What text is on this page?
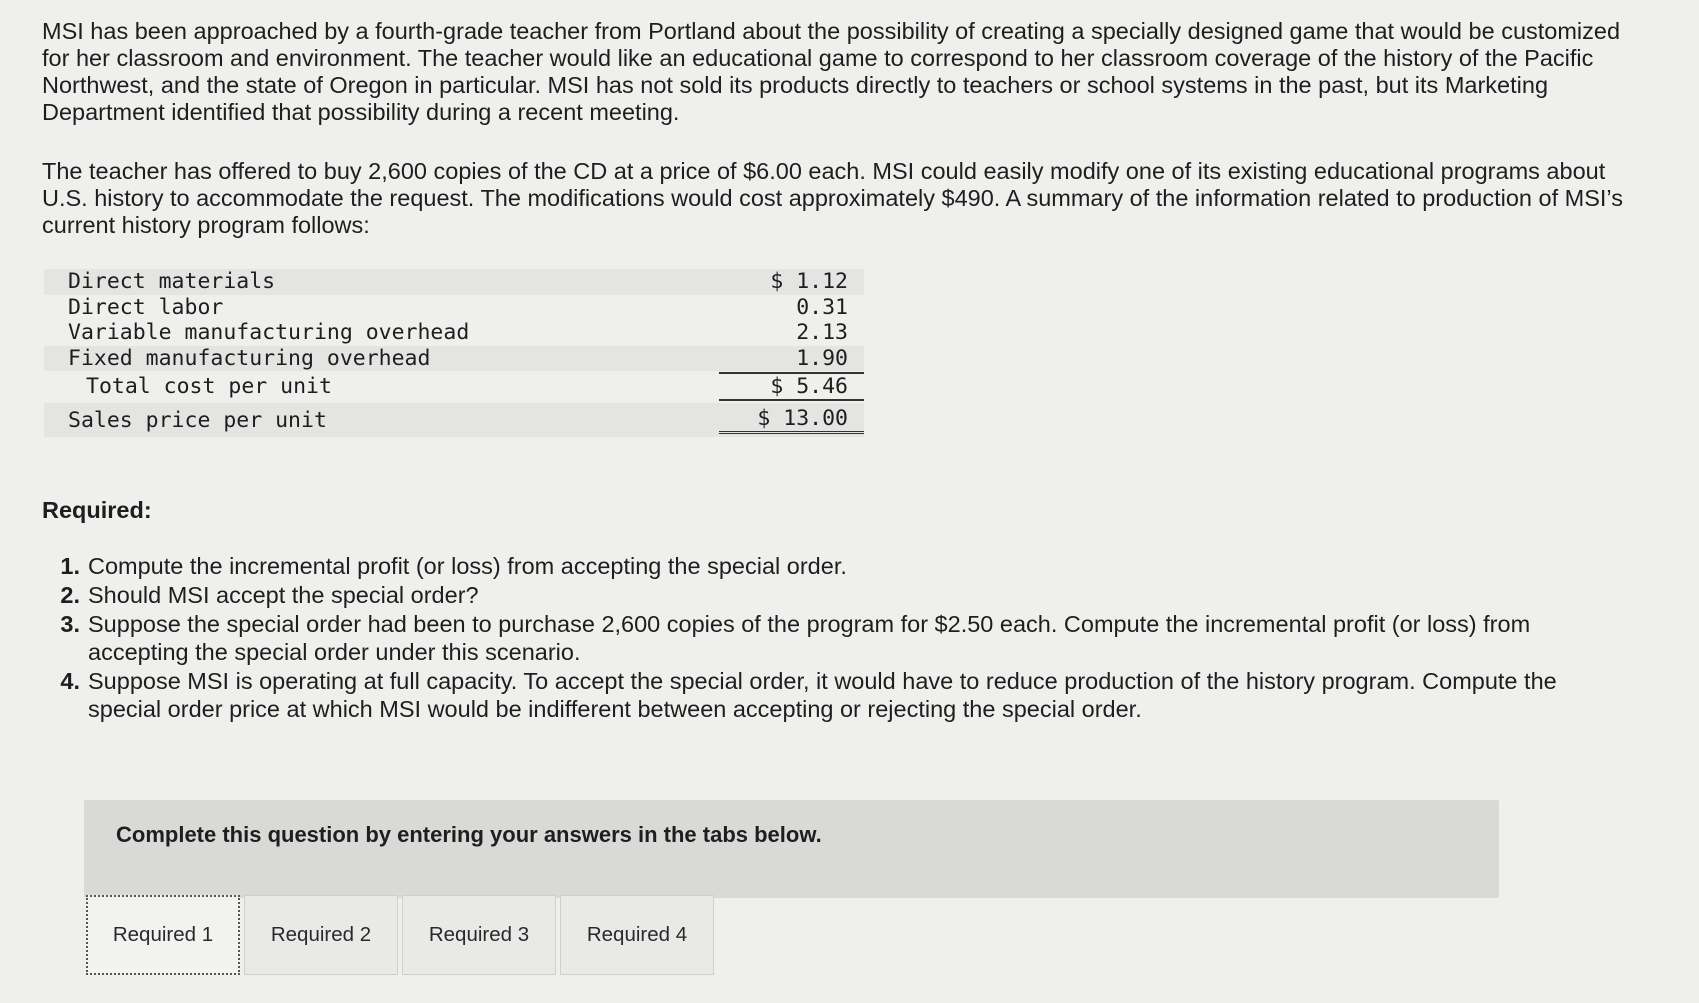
MSI has been approached by a fourth-grade teacher from Portland about the possibility of creating a specially designed game that would be customized for her classroom and environment. The teacher would like an educational game to correspond to her classroom coverage of the history of the Pacific Northwest, and the state of Oregon in particular. MSI has not sold its products directly to teachers or school systems in the past, but its Marketing Department identified that possibility during a recent meeting.

The teacher has offered to buy 2,600 copies of the CD at a price of $6.00 each. MSI could easily modify one of its existing educational programs about U.S. history to accommodate the request. The modifications would cost approximately $490. A summary of the information related to production of MSI’s current history program follows:

Direct materials	$ 1.12
Direct labor	0.31
Variable manufacturing overhead	2.13
Fixed manufacturing overhead	1.90
Total cost per unit	$ 5.46
Sales price per unit	$ 13.00
Required:
1. Compute the incremental profit (or loss) from accepting the special order.
2. Should MSI accept the special order?
3. Suppose the special order had been to purchase 2,600 copies of the program for $2.50 each. Compute the incremental profit (or loss) from accepting the special order under this scenario.
4. Suppose MSI is operating at full capacity. To accept the special order, it would have to reduce production of the history program. Compute the special order price at which MSI would be indifferent between accepting or rejecting the special order.
Complete this question by entering your answers in the tabs below.
Required 1	Required 2	Required 3	Required 4
